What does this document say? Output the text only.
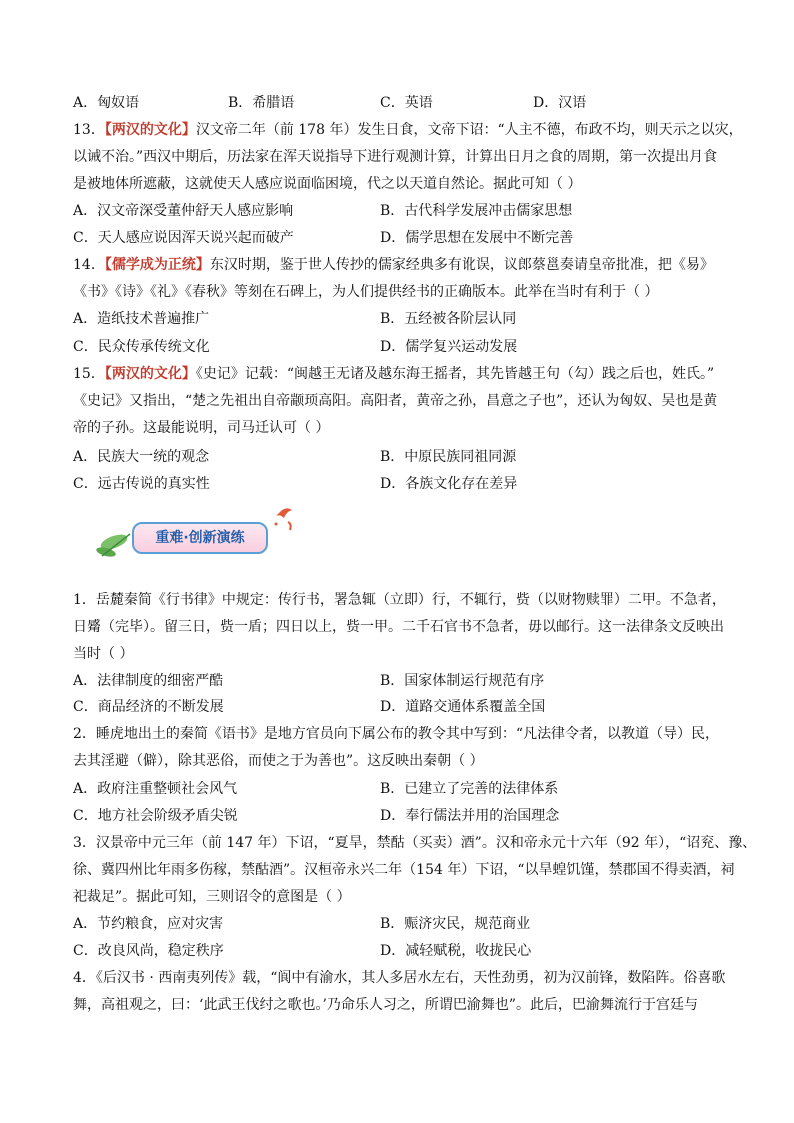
A．匈奴语	B．希腊语	C．英语	D．汉语
13．【两汉的文化】汉文帝二年（前 178 年）发生日食，文帝下诏：“人主不德，布政不均，则天示之以灾，
以诫不治。”西汉中期后，历法家在浑天说指导下进行观测计算，计算出日月之食的周期，第一次提出月食
是被地体所遮蔽，这就使天人感应说面临困境，代之以天道自然论。据此可知（ ）
A．汉文帝深受董仲舒天人感应影响	B．古代科学发展冲击儒家思想
C．天人感应说因浑天说兴起而破产	D．儒学思想在发展中不断完善
14．【儒学成为正统】东汉时期，鉴于世人传抄的儒家经典多有讹误，议郎蔡邕奏请皇帝批准，把《易》
《书》《诗》《礼》《春秋》等刻在石碑上，为人们提供经书的正确版本。此举在当时有利于（ ）
A．造纸技术普遍推广	B．五经被各阶层认同
C．民众传承传统文化	D．儒学复兴运动发展
15．【两汉的文化】《史记》记载：“闽越王无诸及越东海王摇者，其先皆越王句（勾）践之后也，姓氏。”
《史记》又指出，“楚之先祖出自帝颛顼高阳。高阳者，黄帝之孙，昌意之子也”，还认为匈奴、吴也是黄
帝的子孙。这最能说明，司马迁认可（ ）
A．民族大一统的观念	B．中原民族同祖同源
C．远古传说的真实性	D．各族文化存在差异
重难·创新演练
1．岳麓秦简《行书律》中规定：传行书，署急辄（立即）行，不辄行，赀（以财物赎罪）二甲。不急者，
日觱（完毕）。留三日，赀一盾；四日以上，赀一甲。二千石官书不急者，毋以邮行。这一法律条文反映出
当时（ ）
A．法律制度的细密严酷	B．国家体制运行规范有序
C．商品经济的不断发展	D．道路交通体系覆盖全国
2．睡虎地出土的秦简《语书》是地方官员向下属公布的教令其中写到：“凡法律令者，以教道（导）民，
去其淫避（僻），除其恶俗，而使之于为善也”。这反映出秦朝（ ）
A．政府注重整顿社会风气	B．已建立了完善的法律体系
C．地方社会阶级矛盾尖锐	D．奉行儒法并用的治国理念
3．汉景帝中元三年（前 147 年）下诏，“夏旱，禁酤（买卖）酒”。汉和帝永元十六年（92 年），“诏兖、豫、
徐、冀四州比年雨多伤稼，禁酤酒”。汉桓帝永兴二年（154 年）下诏，“以旱蝗饥馑，禁郡国不得卖酒，祠
祀裁足”。据此可知，三则诏令的意图是（ ）
A．节约粮食，应对灾害	B．赈济灾民，规范商业
C．改良风尚，稳定秩序	D．减轻赋税，收拢民心
4．《后汉书 · 西南夷列传》载，“阆中有渝水，其人多居水左右，天性劲勇，初为汉前锋，数陷阵。俗喜歌
舞，高祖观之，曰：‘此武王伐纣之歌也。’乃命乐人习之，所谓巴渝舞也”。此后，巴渝舞流行于宫廷与
